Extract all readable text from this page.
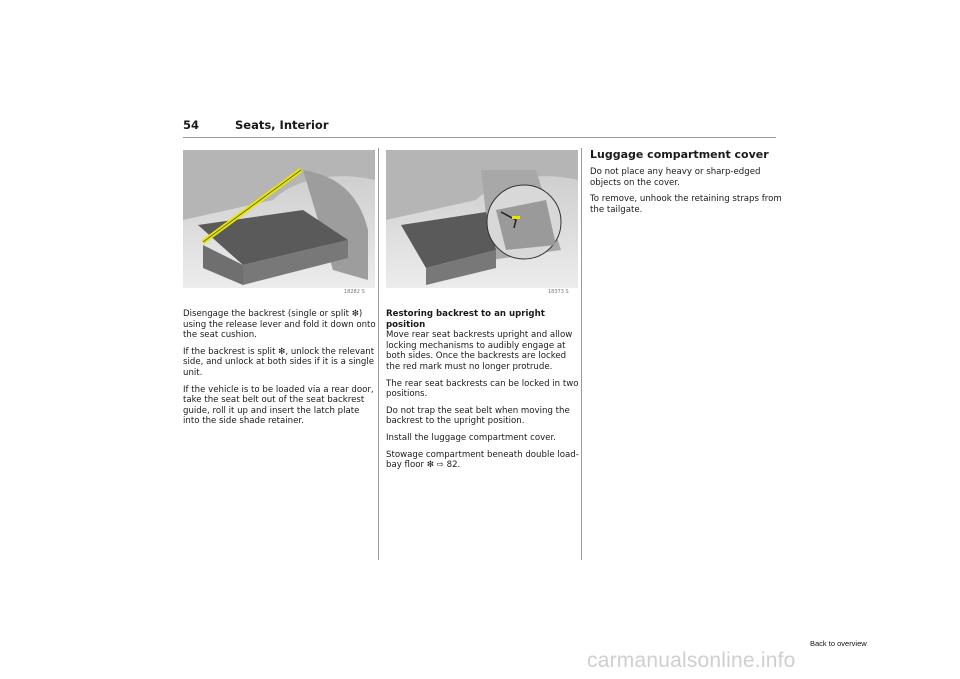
54	Seats, Interior
18282 S	18373 S

Disengage the backrest (single or split ❇) using the release lever and fold it down onto the seat cushion.

If the backrest is split ❇, unlock the relevant side, and unlock at both sides if it is a single unit.

If the vehicle is to be loaded via a rear door, take the seat belt out of the seat backrest guide, roll it up and insert the latch plate into the side shade retainer.

Restoring backrest to an upright position

Move rear seat backrests upright and allow locking mechanisms to audibly engage at both sides. Once the backrests are locked the red mark must no longer protrude.

The rear seat backrests can be locked in two positions.

Do not trap the seat belt when moving the backrest to the upright position.

Install the luggage compartment cover.

Stowage compartment beneath double load-bay floor ❇ ⇨ 82.

Luggage compartment cover

Do not place any heavy or sharp-edged objects on the cover.

To remove, unhook the retaining straps from the tailgate.

Back to overview
carmanualsonline.info
